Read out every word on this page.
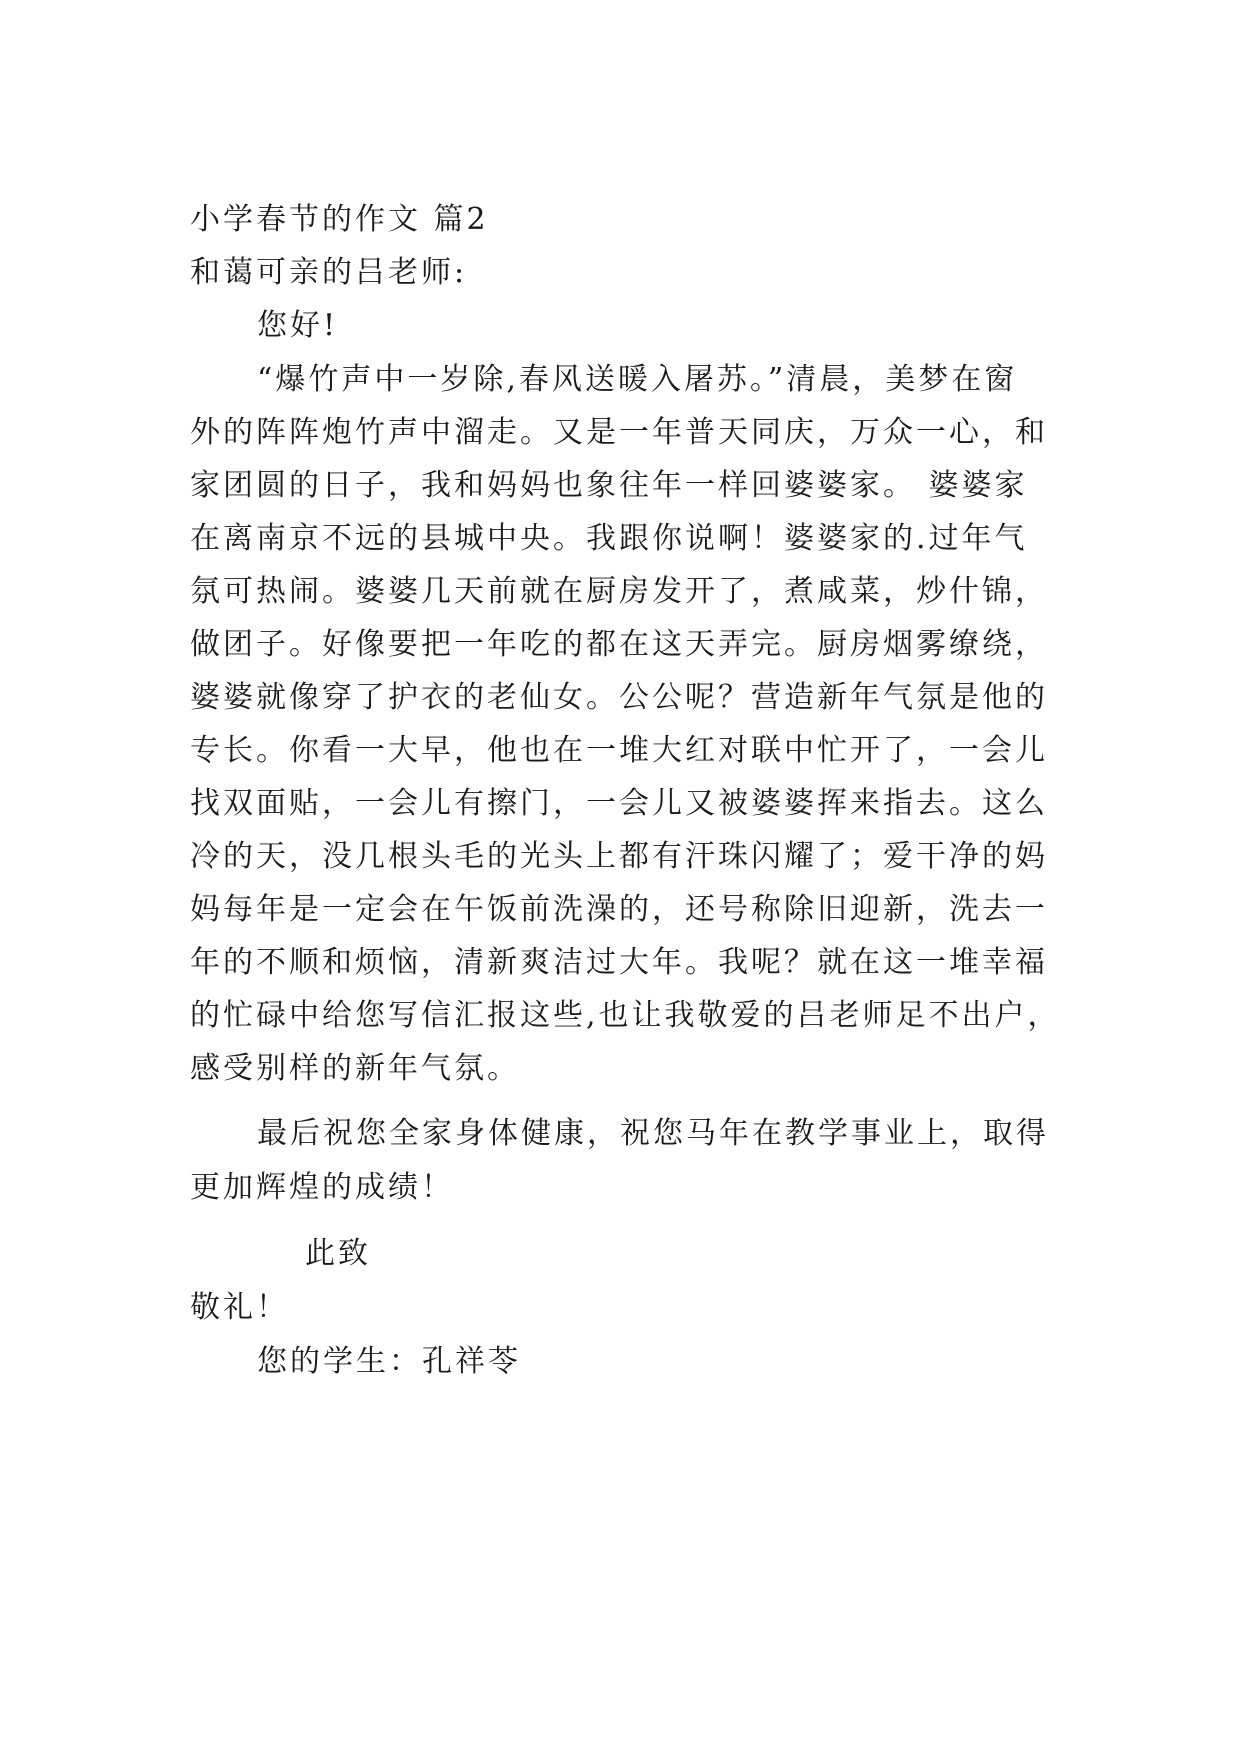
小学春节的作文 篇2
和蔼可亲的吕老师:
您好!
“爆竹声中一岁除,春风送暖入屠苏。”清晨，美梦在窗
外的阵阵炮竹声中溜走。又是一年普天同庆，万众一心，和
家团圆的日子，我和妈妈也象往年一样回婆婆家。 婆婆家
在离南京不远的县城中央。我跟你说啊！婆婆家的.过年气
氛可热闹。婆婆几天前就在厨房发开了，煮咸菜，炒什锦，
做团子。好像要把一年吃的都在这天弄完。厨房烟雾缭绕，
婆婆就像穿了护衣的老仙女。公公呢？营造新年气氛是他的
专长。你看一大早，他也在一堆大红对联中忙开了，一会儿
找双面贴，一会儿有擦门，一会儿又被婆婆挥来指去。这么
冷的天，没几根头毛的光头上都有汗珠闪耀了；爱干净的妈
妈每年是一定会在午饭前洗澡的，还号称除旧迎新，洗去一
年的不顺和烦恼，清新爽洁过大年。我呢？就在这一堆幸福
的忙碌中给您写信汇报这些,也让我敬爱的吕老师足不出户，
感受别样的新年气氛。
最后祝您全家身体健康，祝您马年在教学事业上，取得
更加辉煌的成绩！
此致
敬礼！
您的学生：孔祥苓
